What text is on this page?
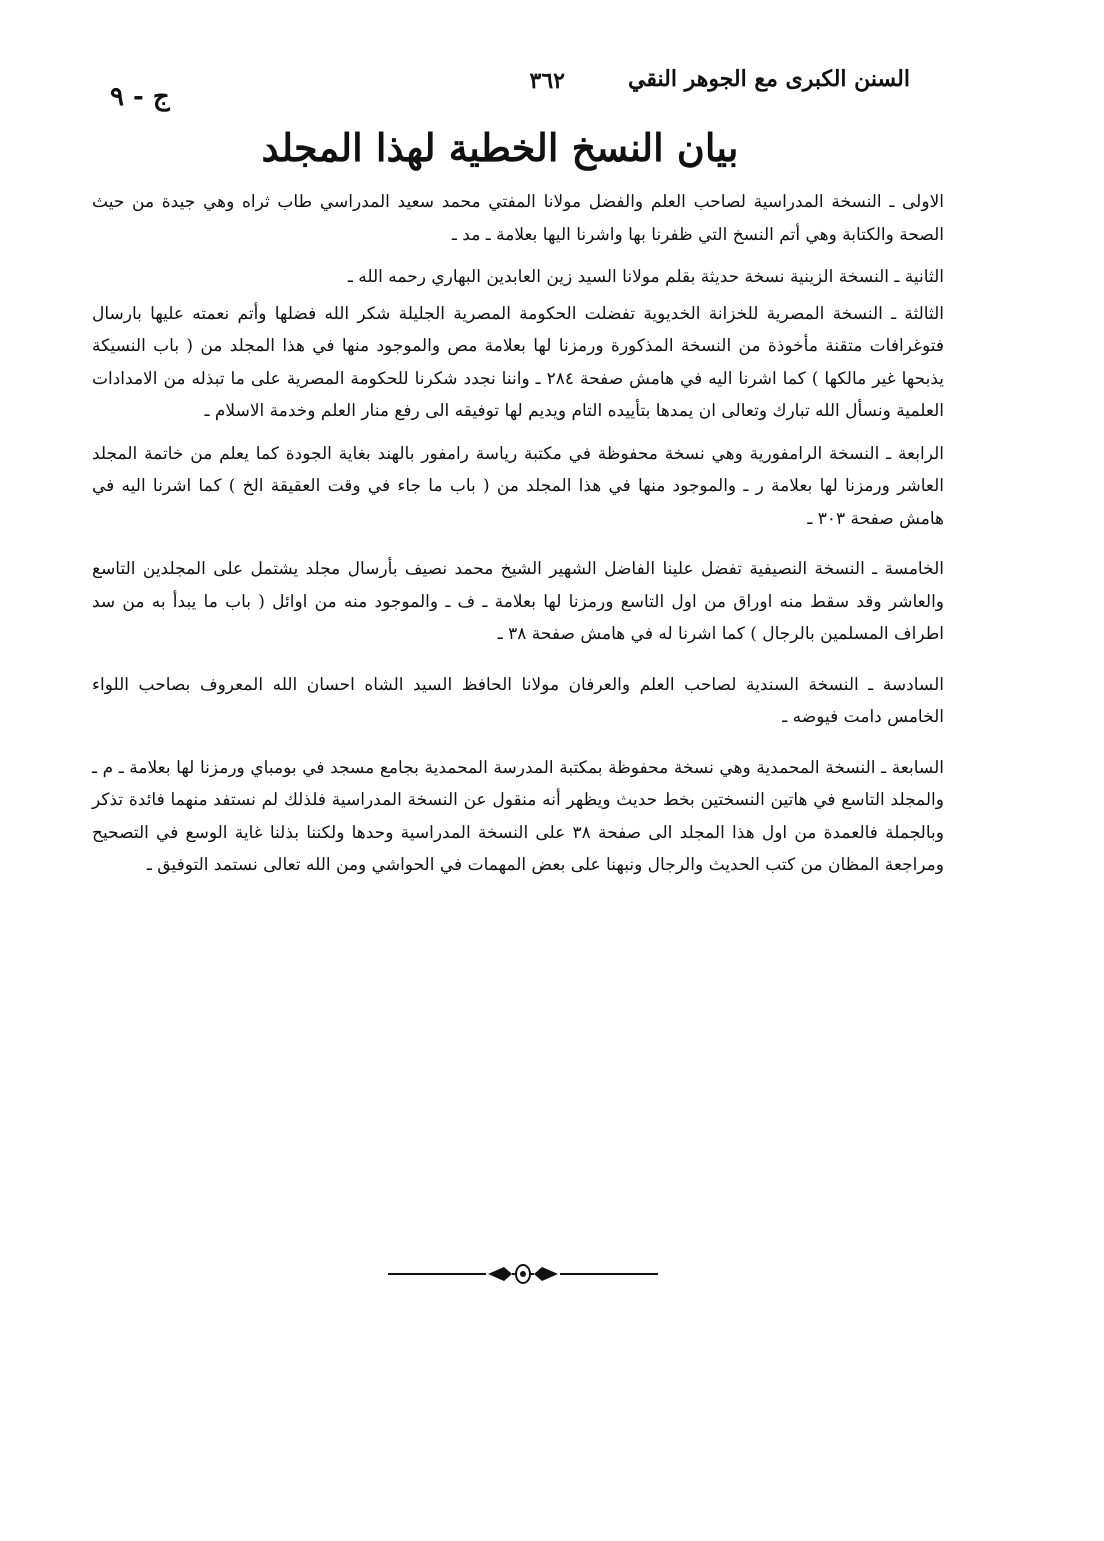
السنن الكبرى مع الجوهر النقي
٣٦٢
ج - ٩
بيان النسخ الخطية لهذا المجلد

الاولى ـ النسخة المدراسية لصاحب العلم والفضل مولانا المفتي محمد سعيد المدراسي طاب ثراه وهي جيدة من حيث الصحة والكتابة وهي أتم النسخ التي ظفرنا بها واشرنا اليها بعلامة ـ مد ـ

الثانية ـ النسخة الزينية نسخة حديثة بقلم مولانا السيد زين العابدين البهاري رحمه الله ـ

الثالثة ـ النسخة المصرية للخزانة الخديوية تفضلت الحكومة المصرية الجليلة شكر الله فضلها وأتم نعمته عليها بارسال فتوغرافات متقنة مأخوذة من النسخة المذكورة ورمزنا لها بعلامة مص والموجود منها في هذا المجلد من ( باب النسيكة يذبحها غير مالكها ) كما اشرنا اليه في هامش صفحة ٢٨٤ ـ واننا نجدد شكرنا للحكومة المصرية على ما تبذله من الامدادات العلمية ونسأل الله تبارك وتعالى ان يمدها بتأييده التام ويديم لها توفيقه الى رفع منار العلم وخدمة الاسلام ـ

الرابعة ـ النسخة الرامفورية وهي نسخة محفوظة في مكتبة رياسة رامفور بالهند بغاية الجودة كما يعلم من خاتمة المجلد العاشر ورمزنا لها بعلامة ر ـ والموجود منها في هذا المجلد من ( باب ما جاء في وقت العقيقة الخ ) كما اشرنا اليه في هامش صفحة ٣٠٣ ـ

الخامسة ـ النسخة النصيفية تفضل علينا الفاضل الشهير الشيخ محمد نصيف بأرسال مجلد يشتمل على المجلدين التاسع والعاشر وقد سقط منه اوراق من اول التاسع ورمزنا لها بعلامة ـ ف ـ والموجود منه من اوائل ( باب ما يبدأ به من سد اطراف المسلمين بالرجال ) كما اشرنا له في هامش صفحة ٣٨ ـ

السادسة ـ النسخة السندية لصاحب العلم والعرفان مولانا الحافظ السيد الشاه احسان الله المعروف بصاحب اللواء الخامس دامت فيوضه ـ

السابعة ـ النسخة المحمدية وهي نسخة محفوظة بمكتبة المدرسة المحمدية بجامع مسجد في بومباي ورمزنا لها بعلامة ـ م ـ والمجلد التاسع في هاتين النسختين بخط حديث ويظهر أنه منقول عن النسخة المدراسية فلذلك لم نستفد منهما فائدة تذكر وبالجملة فالعمدة من اول هذا المجلد الى صفحة ٣٨ على النسخة المدراسية وحدها ولكننا بذلنا غاية الوسع في التصحيح ومراجعة المظان من كتب الحديث والرجال ونبهنا على بعض المهمات في الحواشي ومن الله تعالى نستمد التوفيق ـ
